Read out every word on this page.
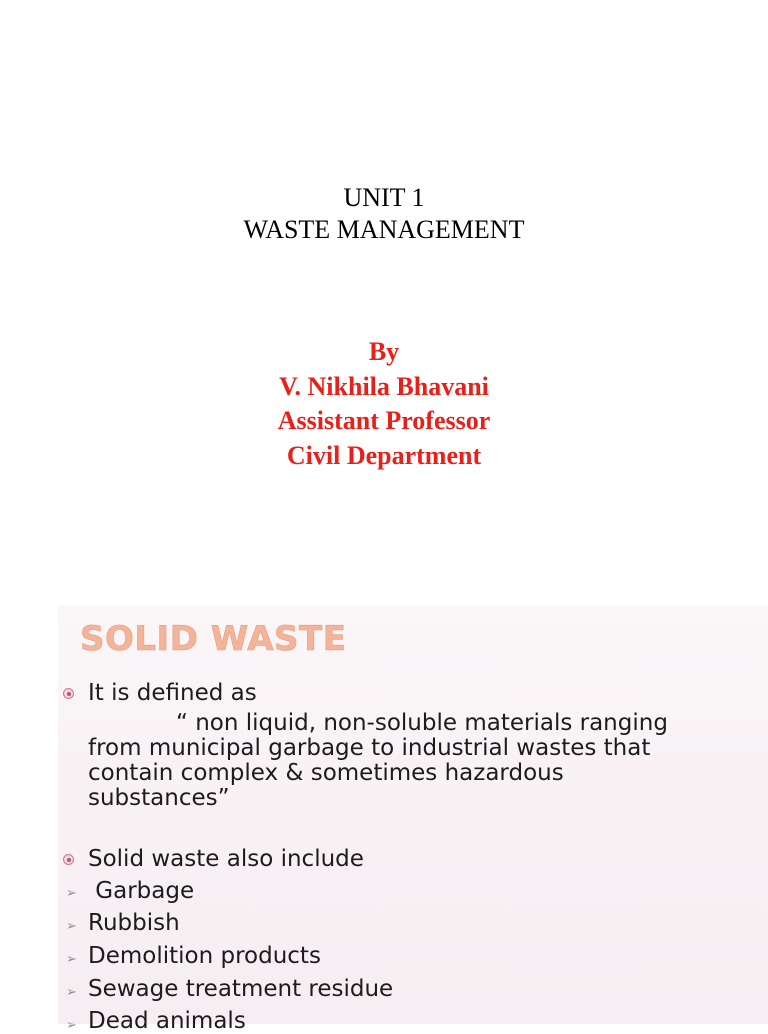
UNIT 1
WASTE MANAGEMENT
By
V. Nikhila Bhavani
Assistant Professor
Civil Department
SOLID WASTE
It is defined as
“ non liquid, non-soluble materials ranging
from municipal garbage to industrial wastes that
contain complex & sometimes hazardous
substances”
Solid waste also include
➢ Garbage
➢ Rubbish
➢ Demolition products
➢ Sewage treatment residue
➢ Dead animals
